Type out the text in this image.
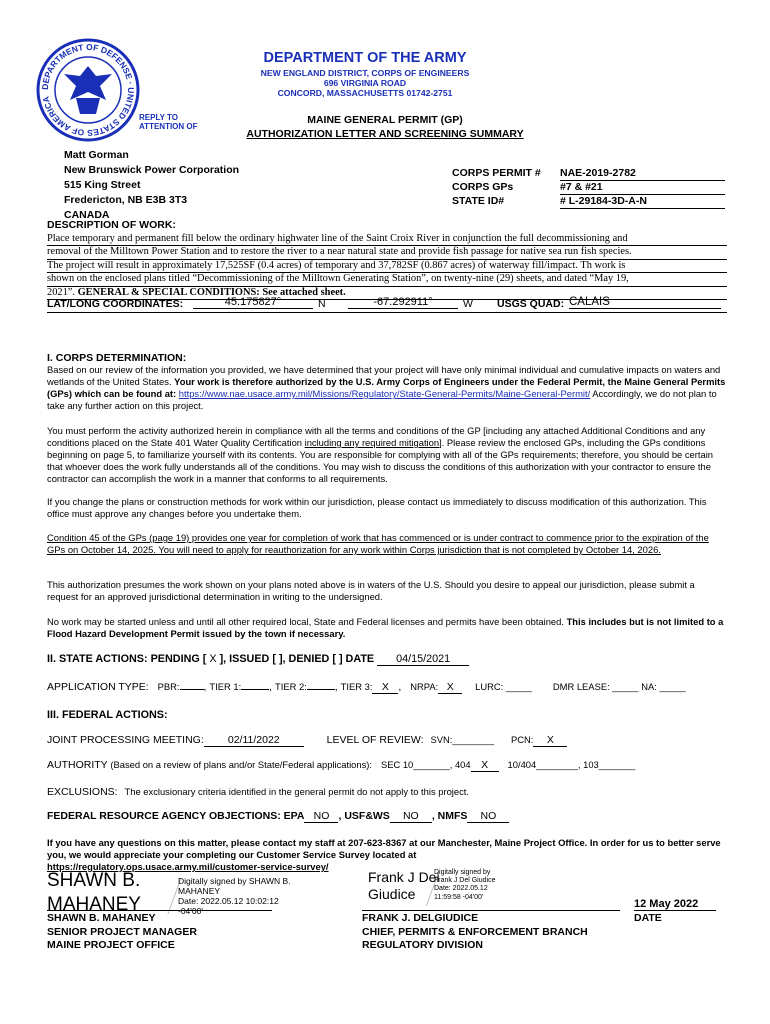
DEPARTMENT OF DEFENSE · UNITED STATES OF AMERICA
DEPARTMENT OF THE ARMY
NEW ENGLAND DISTRICT, CORPS OF ENGINEERS
696 VIRGINIA ROAD
CONCORD, MASSACHUSETTS 01742-2751
REPLY TO
ATTENTION OF
MAINE GENERAL PERMIT (GP)
AUTHORIZATION LETTER AND SCREENING SUMMARY
Matt Gorman
New Brunswick Power Corporation
515 King Street
Fredericton, NB E3B 3T3
CANADA
CORPS PERMIT # NAE-2019-2782
CORPS GPs	#7 & #21
STATE ID#	# L-29184-3D-A-N
DESCRIPTION OF WORK:
Place temporary and permanent fill below the ordinary highwater line of the Saint Croix River in conjunction the full decommissioning and
removal of the Milltown Power Station and to restore the river to a near natural state and provide fish passage for native sea run fish species.
The project will result in approximately 17,525SF (0.4 acres) of temporary and 37,782SF (0.867 acres) of waterway fill/impact. Th work is
shown on the enclosed plans titled “Decommissioning of the Milltown Generating Station”, on twenty-nine (29) sheets, and dated “May 19,
2021”. GENERAL & SPECIAL CONDITIONS: See attached sheet.
LAT/LONG COORDINATES:	45.175827°	N	-67.292911°	W USGS QUAD: CALAIS
I. CORPS DETERMINATION:
Based on our review of the information you provided, we have determined that your project will have only minimal individual and cumulative impacts on waters and wetlands of the United States. Your work is therefore authorized by the U.S. Army Corps of Engineers under the Federal Permit, the Maine General Permits (GPs) which can be found at: https://www.nae.usace.army.mil/Missions/Regulatory/State-General-Permits/Maine-General-Permit/ Accordingly, we do not plan to take any further action on this project.
You must perform the activity authorized herein in compliance with all the terms and conditions of the GP [including any attached Additional Conditions and any conditions placed on the State 401 Water Quality Certification including any required mitigation]. Please review the enclosed GPs, including the GPs conditions beginning on page 5, to familiarize yourself with its contents. You are responsible for complying with all of the GPs requirements; therefore, you should be certain that whoever does the work fully understands all of the conditions. You may wish to discuss the conditions of this authorization with your contractor to ensure the contractor can accomplish the work in a manner that conforms to all requirements.
If you change the plans or construction methods for work within our jurisdiction, please contact us immediately to discuss modification of this authorization. This office must approve any changes before you undertake them.
Condition 45 of the GPs (page 19) provides one year for completion of work that has commenced or is under contract to commence prior to the expiration of the GPs on October 14, 2025. You will need to apply for reauthorization for any work within Corps jurisdiction that is not completed by October 14, 2026.
This authorization presumes the work shown on your plans noted above is in waters of the U.S. Should you desire to appeal our jurisdiction, please submit a request for an approved jurisdictional determination in writing to the undersigned.
No work may be started unless and until all other required local, State and Federal licenses and permits have been obtained. This includes but is not limited to a Flood Hazard Development Permit issued by the town if necessary.
II. STATE ACTIONS: PENDING [ X ], ISSUED [ ], DENIED [ ] DATE 04/15/2021
APPLICATION TYPE: PBR: , TIER 1:	, TIER 2:	, TIER 3: X , NRPA: X LURC: _____ DMR LEASE: _____ NA: _____
III. FEDERAL ACTIONS:
JOINT PROCESSING MEETING: 02/11/2022	LEVEL OF REVIEW: SVN:________ PCN: X
AUTHORITY (Based on a review of plans and/or State/Federal applications): SEC 10_______, 404 X 10/404________, 103_______
EXCLUSIONS: The exclusionary criteria identified in the general permit do not apply to this project.
FEDERAL RESOURCE AGENCY OBJECTIONS: EPA NO , USF&WS NO , NMFS NO
If you have any questions on this matter, please contact my staff at 207-623-8367 at our Manchester, Maine Project Office. In order for us to better serve you, we would appreciate your completing our Customer Service Survey located at
https://regulatory.ops.usace.army.mil/customer-service-survey/
SHAWN B.
MAHANEY
Digitally signed by SHAWN B.
MAHANEY
Date: 2022.05.12 10:02:12 -04'00'
SHAWN B. MAHANEY
SENIOR PROJECT MANAGER
MAINE PROJECT OFFICE
Frank J Del
Giudice
Digitally signed by
Frank J Del Giudice
Date: 2022.05.12
11:59:58 -04'00'
FRANK J. DELGIUDICE
CHIEF, PERMITS & ENFORCEMENT BRANCH
REGULATORY DIVISION
12 May 2022
DATE
